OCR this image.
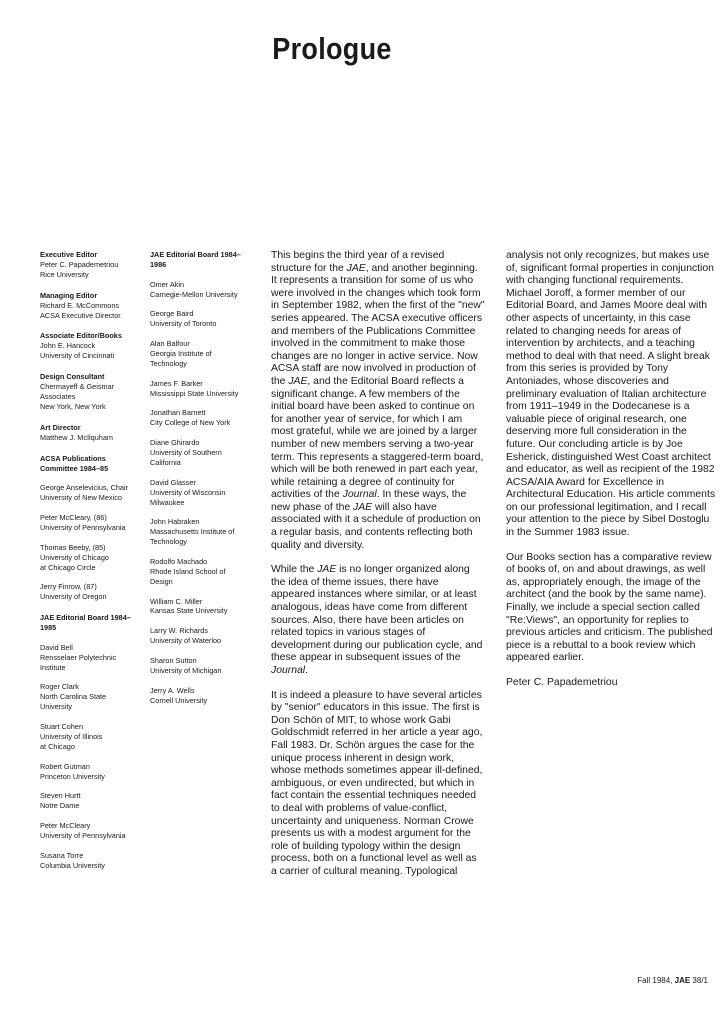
Prologue
Executive Editor
Peter C. Papademetriou
Rice University
Managing Editor
Richard E. McCommons
ACSA Executive Director
Associate Editor/Books
John E. Hancock
University of Cincinnati
Design Consultant
Chermayeff & Geismar
Associates
New York, New York
Art Director
Matthew J. McIlquham
ACSA Publications Committee 1984–85
George Anselevicius, Chair
University of New Mexico
Peter McCleary, (86)
University of Pennsylvania
Thomas Beeby, (85)
University of Chicago
at Chicago Circle
Jerry Finrow, (87)
University of Oregon
JAE Editorial Board 1984–1985
David Bell
Rensselaer Polytechnic
Institute
Roger Clark
North Carolina State
University
Stuart Cohen
University of Illinois
at Chicago
Robert Gutman
Princeton University
Steven Hurtt
Notre Dame
Peter McCleary
University of Pennsylvania
Susana Torre
Columbia University
JAE Editorial Board 1984–1986
Omer Akin
Carnegie-Mellon University
George Baird
University of Toronto
Alan Balfour
Georgia Institute of
Technology
James F. Barker
Mississippi State University
Jonathan Barnett
City College of New York
Diane Ghirardo
University of Southern
California
David Glasser
University of Wisconsin
Milwaukee
John Habraken
Massachusetts Institute of
Technology
Rodolfo Machado
Rhode Island School of
Design
William C. Miller
Kansas State University
Larry W. Richards
University of Waterloo
Sharon Sutton
University of Michigan
Jerry A. Wells
Cornell University

This begins the third year of a revised structure for the JAE, and another beginning. It represents a transition for some of us who were involved in the changes which took form in September 1982, when the first of the "new" series appeared. The ACSA executive officers and members of the Publications Committee involved in the commitment to make those changes are no longer in active service. Now ACSA staff are now involved in production of the JAE, and the Editorial Board reflects a significant change. A few members of the initial board have been asked to continue on for another year of service, for which I am most grateful, while we are joined by a larger number of new members serving a two-year term. This represents a staggered-term board, which will be both renewed in part each year, while retaining a degree of continuity for activities of the Journal. In these ways, the new phase of the JAE will also have associated with it a schedule of production on a regular basis, and contents reflecting both quality and diversity.

While the JAE is no longer organized along the idea of theme issues, there have appeared instances where similar, or at least analogous, ideas have come from different sources. Also, there have been articles on related topics in various stages of development during our publication cycle, and these appear in subsequent issues of the Journal.

It is indeed a pleasure to have several articles by "senior" educators in this issue. The first is Don Schön of MIT, to whose work Gabi Goldschmidt referred in her article a year ago, Fall 1983. Dr. Schön argues the case for the unique process inherent in design work, whose methods sometimes appear ill-defined, ambiguous, or even undirected, but which in fact contain the essential techniques needed to deal with problems of value-conflict, uncertainty and uniqueness. Norman Crowe presents us with a modest argument for the role of building typology within the design process, both on a functional level as well as a carrier of cultural meaning. Typological

analysis not only recognizes, but makes use of, significant formal properties in conjunction with changing functional requirements. Michael Joroff, a former member of our Editorial Board, and James Moore deal with other aspects of uncertainty, in this case related to changing needs for areas of intervention by architects, and a teaching method to deal with that need. A slight break from this series is provided by Tony Antoniades, whose discoveries and preliminary evaluation of Italian architecture from 1911–1949 in the Dodecanese is a valuable piece of original research, one deserving more full consideration in the future. Our concluding article is by Joe Esherick, distinguished West Coast architect and educator, as well as recipient of the 1982 ACSA/AIA Award for Excellence in Architectural Education. His article comments on our professional legitimation, and I recall your attention to the piece by Sibel Dostoglu in the Summer 1983 issue.

Our Books section has a comparative review of books of, on and about drawings, as well as, appropriately enough, the image of the architect (and the book by the same name). Finally, we include a special section called "Re:Views", an opportunity for replies to previous articles and criticism. The published piece is a rebuttal to a book review which appeared earlier.

Peter C. Papademetriou

Fall 1984, JAE 38/1
